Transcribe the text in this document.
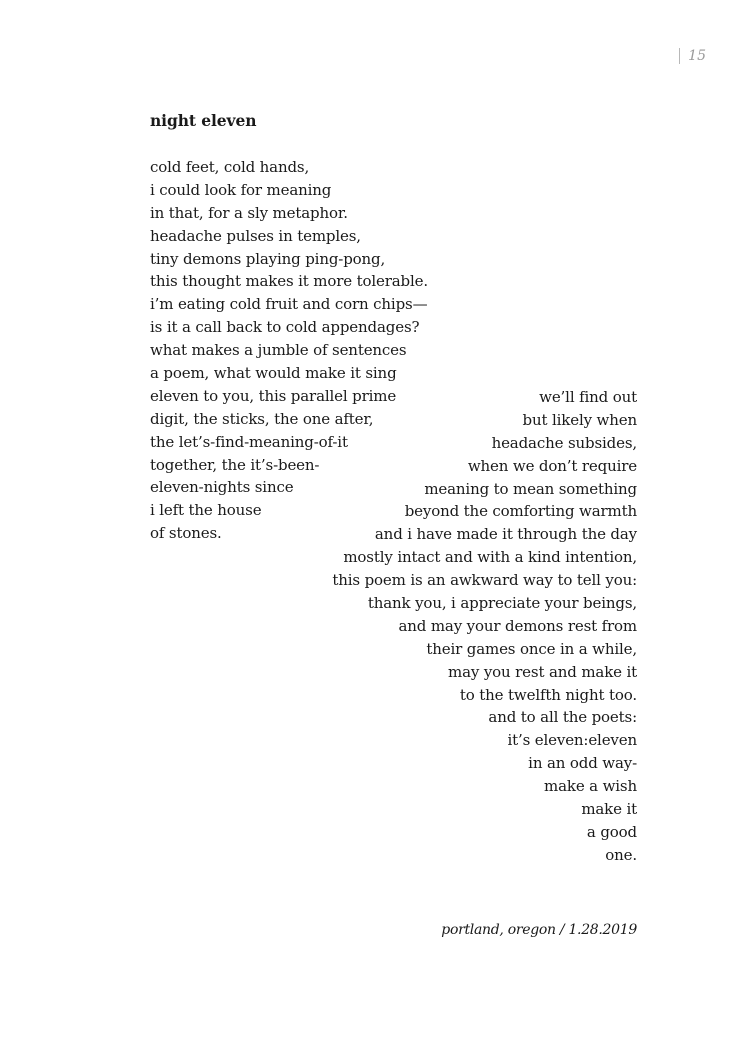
15
night eleven
cold feet, cold hands,
i could look for meaning
in that, for a sly metaphor.
headache pulses in temples,
tiny demons playing ping-pong,
this thought makes it more tolerable.
i’m eating cold fruit and corn chips—
is it a call back to cold appendages?
what makes a jumble of sentences
a poem, what would make it sing
eleven to you, this parallel prime
digit, the sticks, the one after,
the let’s-find-meaning-of-it
together, the it’s-been-
eleven-nights since
i left the house
of stones.
we’ll find out
but likely when
headache subsides,
when we don’t require
meaning to mean something
beyond the comforting warmth
and i have made it through the day
mostly intact and with a kind intention,
this poem is an awkward way to tell you:
thank you, i appreciate your beings,
and may your demons rest from
their games once in a while,
may you rest and make it
to the twelfth night too.
and to all the poets:
it’s eleven:eleven
in an odd way-
make a wish
make it
a good
one.
portland, oregon / 1.28.2019
